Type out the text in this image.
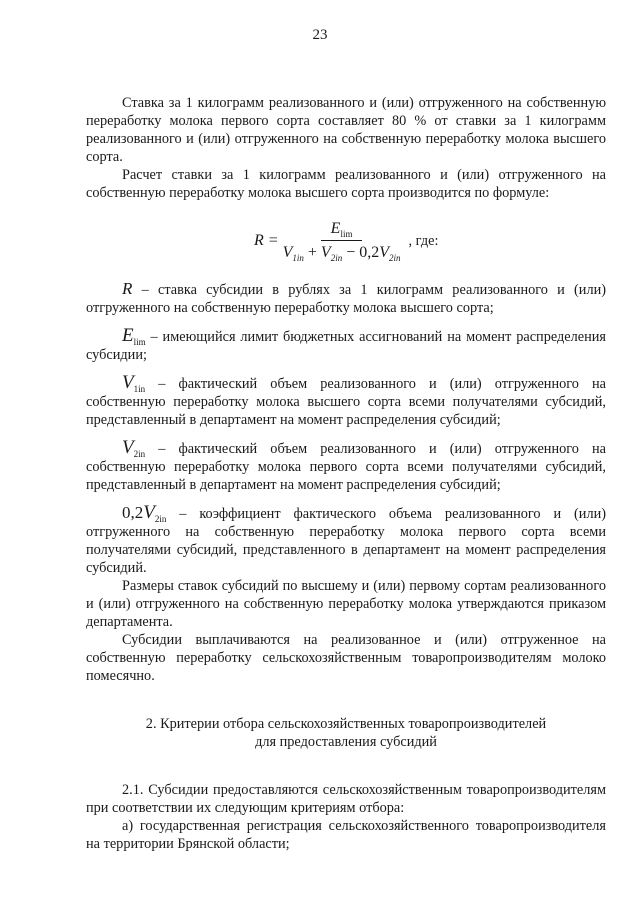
23

Ставка за 1 килограмм реализованного и (или) отгруженного на собственную переработку молока первого сорта составляет 80 % от ставки за 1 килограмм реализованного и (или) отгруженного на собственную переработку молока высшего сорта.

Расчет ставки за 1 килограмм реализованного и (или) отгруженного на собственную переработку молока высшего сорта производится по формуле:

$R = \frac{E_{lim}}{V_{1in} + V_{2in} - 0,2V_{2in}}$ , где:

R – ставка субсидии в рублях за 1 килограмм реализованного и (или) отгруженного на собственную переработку молока высшего сорта;

$E_{lim}$ – имеющийся лимит бюджетных ассигнований на момент распределения субсидии;

$V_{1in}$ – фактический объем реализованного и (или) отгруженного на собственную переработку молока высшего сорта всеми получателями субсидий, представленный в департамент на момент распределения субсидий;

$V_{2in}$ – фактический объем реализованного и (или) отгруженного на собственную переработку молока первого сорта всеми получателями субсидий, представленный в департамент на момент распределения субсидий;

$0,2V_{2in}$ – коэффициент фактического объема реализованного и (или) отгруженного на собственную переработку молока первого сорта всеми получателями субсидий, представленного в департамент на момент распределения субсидий.

Размеры ставок субсидий по высшему и (или) первому сортам реализованного и (или) отгруженного на собственную переработку молока утверждаются приказом департамента.

Субсидии выплачиваются на реализованное и (или) отгруженное на собственную переработку сельскохозяйственным товаропроизводителям молоко помесячно.

2. Критерии отбора сельскохозяйственных товаропроизводителей
для предоставления субсидий

2.1. Субсидии предоставляются сельскохозяйственным товаропроизводителям при соответствии их следующим критериям отбора:

а) государственная регистрация сельскохозяйственного товаропроизводителя на территории Брянской области;
